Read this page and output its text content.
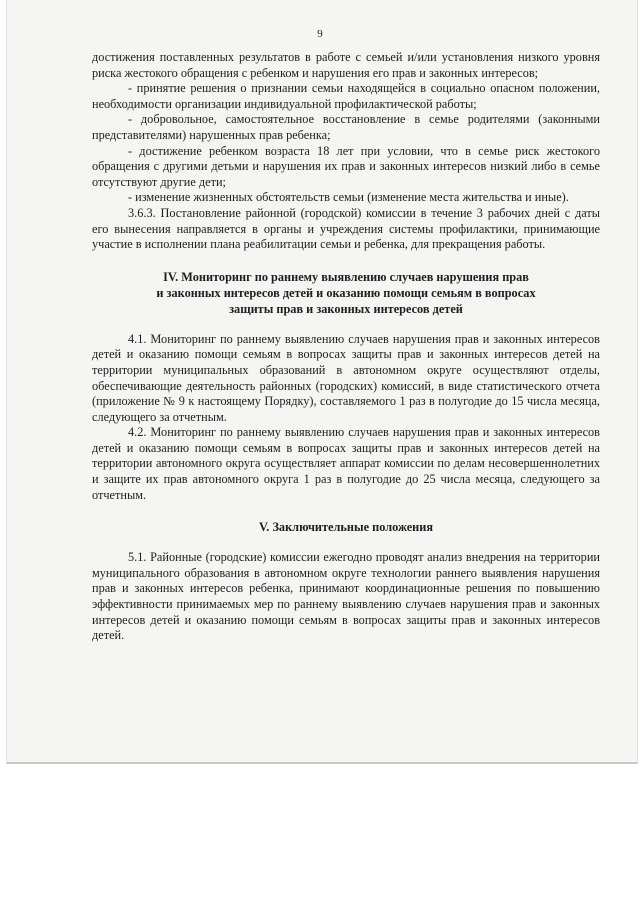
9

достижения поставленных результатов в работе с семьей и/или установления низкого уровня риска жестокого обращения с ребенком и нарушения его прав и законных интересов;

- принятие решения о признании семьи находящейся в социально опасном положении, необходимости организации индивидуальной профилактической работы;

- добровольное, самостоятельное восстановление в семье родителями (законными представителями) нарушенных прав ребенка;

- достижение ребенком возраста 18 лет при условии, что в семье риск жестокого обращения с другими детьми и нарушения их прав и законных интересов низкий либо в семье отсутствуют другие дети;

- изменение жизненных обстоятельств семьи (изменение места жительства и иные).

3.6.3. Постановление районной (городской) комиссии в течение 3 рабочих дней с даты его вынесения направляется в органы и учреждения системы профилактики, принимающие участие в исполнении плана реабилитации семьи и ребенка, для прекращения работы.

IV. Мониторинг по раннему выявлению случаев нарушения прав
и законных интересов детей и оказанию помощи семьям в вопросах
защиты прав и законных интересов детей

4.1. Мониторинг по раннему выявлению случаев нарушения прав и законных интересов детей и оказанию помощи семьям в вопросах защиты прав и законных интересов детей на территории муниципальных образований в автономном округе осуществляют отделы, обеспечивающие деятельность районных (городских) комиссий, в виде статистического отчета (приложение № 9 к настоящему Порядку), составляемого 1 раз в полугодие до 15 числа месяца, следующего за отчетным.

4.2. Мониторинг по раннему выявлению случаев нарушения прав и законных интересов детей и оказанию помощи семьям в вопросах защиты прав и законных интересов детей на территории автономного округа осуществляет аппарат комиссии по делам несовершеннолетних и защите их прав автономного округа 1 раз в полугодие до 25 числа месяца, следующего за отчетным.

V. Заключительные положения

5.1. Районные (городские) комиссии ежегодно проводят анализ внедрения на территории муниципального образования в автономном округе технологии раннего выявления нарушения прав и законных интересов ребенка, принимают координационные решения по повышению эффективности принимаемых мер по раннему выявлению случаев нарушения прав и законных интересов детей и оказанию помощи семьям в вопросах защиты прав и законных интересов детей.
